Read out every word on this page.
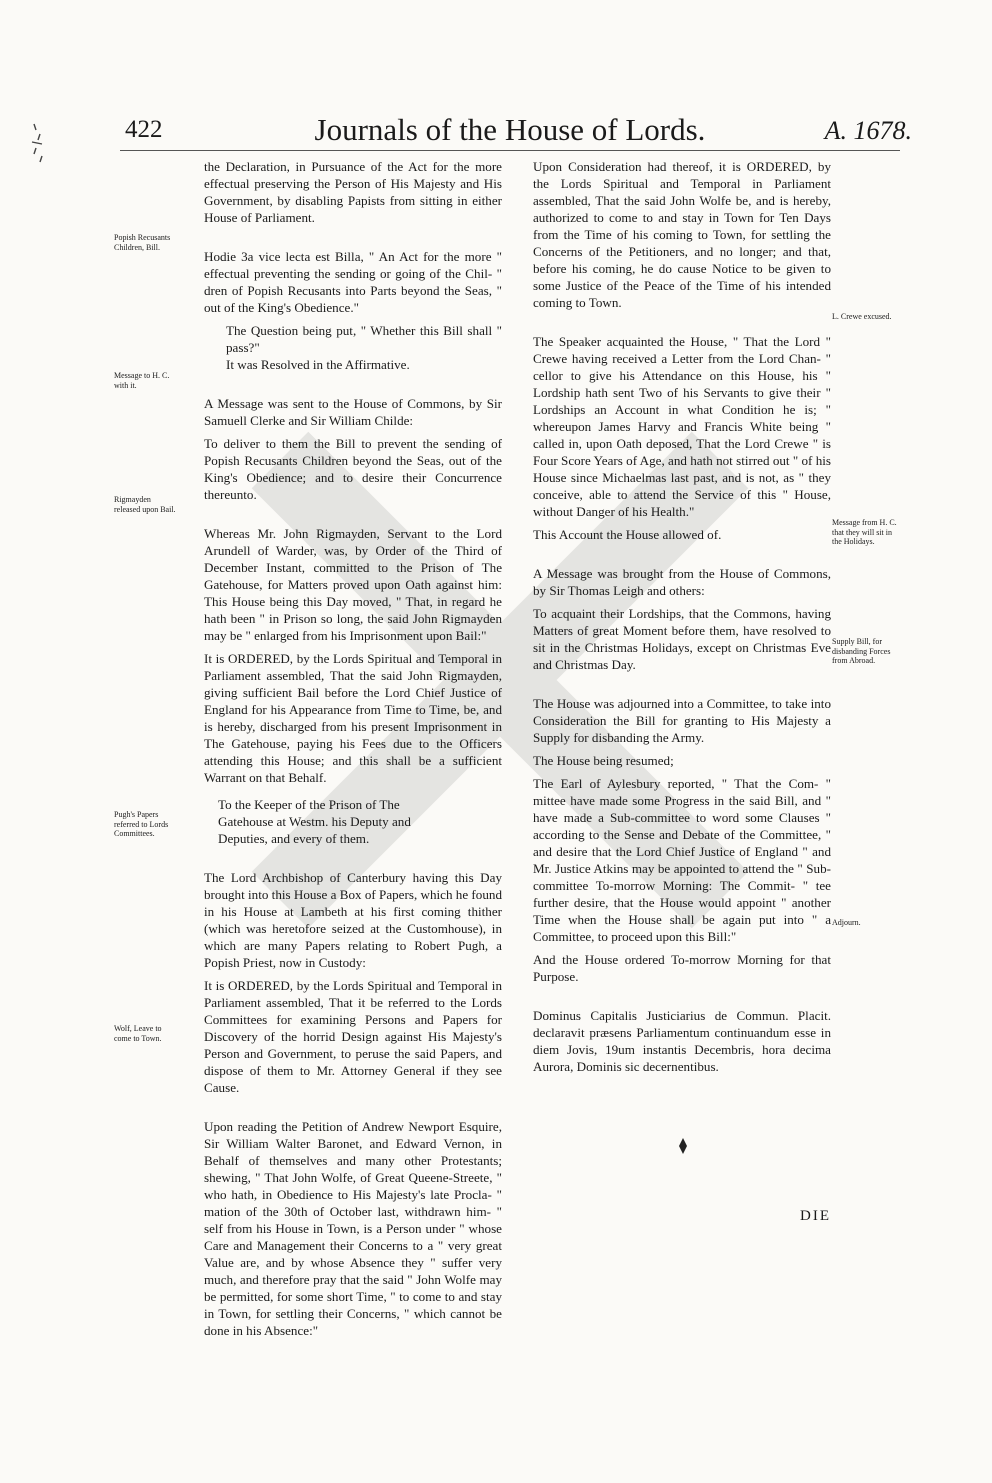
422	Journals of the House of Lords.	A. 1678.
Popish Recusants Children, Bill.
Message to H. C. with it.
Rigmayden released upon Bail.
Pugh's Papers referred to Lords Committees.
Wolf, Leave to come to Town.
L. Crewe excused.
Message from H. C. that they will sit in the Holidays.
Supply Bill, for disbanding Forces from Abroad.
Adjourn.

the Declaration, in Pursuance of the Act for the more effectual preserving the Person of His Majesty and His Government, by disabling Papists from sitting in either House of Parliament.

Hodie 3a vice lecta est Billa, " An Act for the more " effectual preventing the sending or going of the Chil- " dren of Popish Recusants into Parts beyond the Seas, " out of the King's Obedience."

The Question being put, " Whether this Bill shall " pass?"

It was Resolved in the Affirmative.

A Message was sent to the House of Commons, by Sir Samuell Clerke and Sir William Childe:

To deliver to them the Bill to prevent the sending of Popish Recusants Children beyond the Seas, out of the King's Obedience; and to desire their Concurrence thereunto.

Whereas Mr. John Rigmayden, Servant to the Lord Arundell of Warder, was, by Order of the Third of December Instant, committed to the Prison of The Gatehouse, for Matters proved upon Oath against him: This House being this Day moved, " That, in regard he hath been " in Prison so long, the said John Rigmayden may be " enlarged from his Imprisonment upon Bail:"

It is ORDERED, by the Lords Spiritual and Temporal in Parliament assembled, That the said John Rigmayden, giving sufficient Bail before the Lord Chief Justice of England for his Appearance from Time to Time, be, and is hereby, discharged from his present Imprisonment in The Gatehouse, paying his Fees due to the Officers attending this House; and this shall be a sufficient Warrant on that Behalf.

To the Keeper of the Prison of The Gatehouse at Westm. his Deputy and Deputies, and every of them.

The Lord Archbishop of Canterbury having this Day brought into this House a Box of Papers, which he found in his House at Lambeth at his first coming thither (which was heretofore seized at the Customhouse), in which are many Papers relating to Robert Pugh, a Popish Priest, now in Custody:

It is ORDERED, by the Lords Spiritual and Temporal in Parliament assembled, That it be referred to the Lords Committees for examining Persons and Papers for Discovery of the horrid Design against His Majesty's Person and Government, to peruse the said Papers, and dispose of them to Mr. Attorney General if they see Cause.

Upon reading the Petition of Andrew Newport Esquire, Sir William Walter Baronet, and Edward Vernon, in Behalf of themselves and many other Protestants; shewing, " That John Wolfe, of Great Queene-Streete, " who hath, in Obedience to His Majesty's late Procla- " mation of the 30th of October last, withdrawn him- " self from his House in Town, is a Person under " whose Care and Management their Concerns to a " very great Value are, and by whose Absence they " suffer very much, and therefore pray that the said " John Wolfe may be permitted, for some short Time, " to come to and stay in Town, for settling their Concerns, " which cannot be done in his Absence:"

Upon Consideration had thereof, it is ORDERED, by the Lords Spiritual and Temporal in Parliament assembled, That the said John Wolfe be, and is hereby, authorized to come to and stay in Town for Ten Days from the Time of his coming to Town, for settling the Concerns of the Petitioners, and no longer; and that, before his coming, he do cause Notice to be given to some Justice of the Peace of the Time of his intended coming to Town.

The Speaker acquainted the House, " That the Lord " Crewe having received a Letter from the Lord Chan- " cellor to give his Attendance on this House, his " Lordship hath sent Two of his Servants to give their " Lordships an Account in what Condition he is; " whereupon James Harvy and Francis White being " called in, upon Oath deposed, That the Lord Crewe " is Four Score Years of Age, and hath not stirred out " of his House since Michaelmas last past, and is not, as " they conceive, able to attend the Service of this " House, without Danger of his Health."

This Account the House allowed of.

A Message was brought from the House of Commons, by Sir Thomas Leigh and others:

To acquaint their Lordships, that the Commons, having Matters of great Moment before them, have resolved to sit in the Christmas Holidays, except on Christmas Eve and Christmas Day.

The House was adjourned into a Committee, to take into Consideration the Bill for granting to His Majesty a Supply for disbanding the Army.

The House being resumed;

The Earl of Aylesbury reported, " That the Com- " mittee have made some Progress in the said Bill, and " have made a Sub-committee to word some Clauses " according to the Sense and Debate of the Committee, " and desire that the Lord Chief Justice of England " and Mr. Justice Atkins may be appointed to attend the " Sub-committee To-morrow Morning: The Commit- " tee further desire, that the House would appoint " another Time when the House shall be again put into " a Committee, to proceed upon this Bill:"

And the House ordered To-morrow Morning for that Purpose.

Dominus Capitalis Justiciarius de Commun. Placit. declaravit præsens Parliamentum continuandum esse in diem Jovis, 19um instantis Decembris, hora decima Aurora, Dominis sic decernentibus.

DIE
